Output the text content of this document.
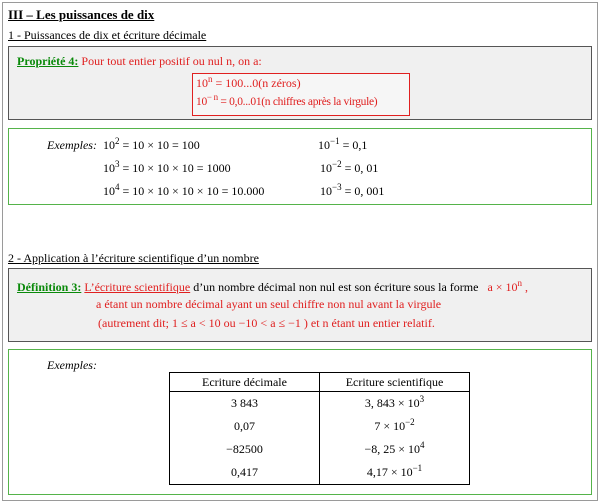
III – Les puissances de dix
1 - Puissances de dix et écriture décimale
Propriété 4: Pour tout entier positif ou nul n, on a:
$10^n = 100...0(n$ zéros)
$10^{- n} = 0,0...01(n$ chiffres après la virgule)
Exemples: $10^2 = 10 \times 10 = 100$	$10^{-1} = 0,1$
$10^3 = 10 \times 10 \times 10 = 1000$	$10^{-2} = 0$, 01
$10^4 = 10 \times 10 \times 10 \times 10 = 10.000$	$10^{-3} = 0$, 001
2 - Application à l’écriture scientifique d’un nombre
Définition 3: L’écriture scientifique d’un nombre décimal non nul est son écriture sous la forme $a \times 10^n$ ,
a étant un nombre décimal ayant un seul chiffre non nul avant la virgule
(autrement dit; 1 ≤ a < 10 ou −10 < a ≤ −1 ) et n étant un entier relatif.
Exemples:
Ecriture décimale	Ecriture scientifique
3 843	3, $843 \times 10^3$
0,07	$7 \times 10^{-2}$
−82500	−8, $25 \times 10^4$
0,417	$4,17 \times 10^{-1}$
